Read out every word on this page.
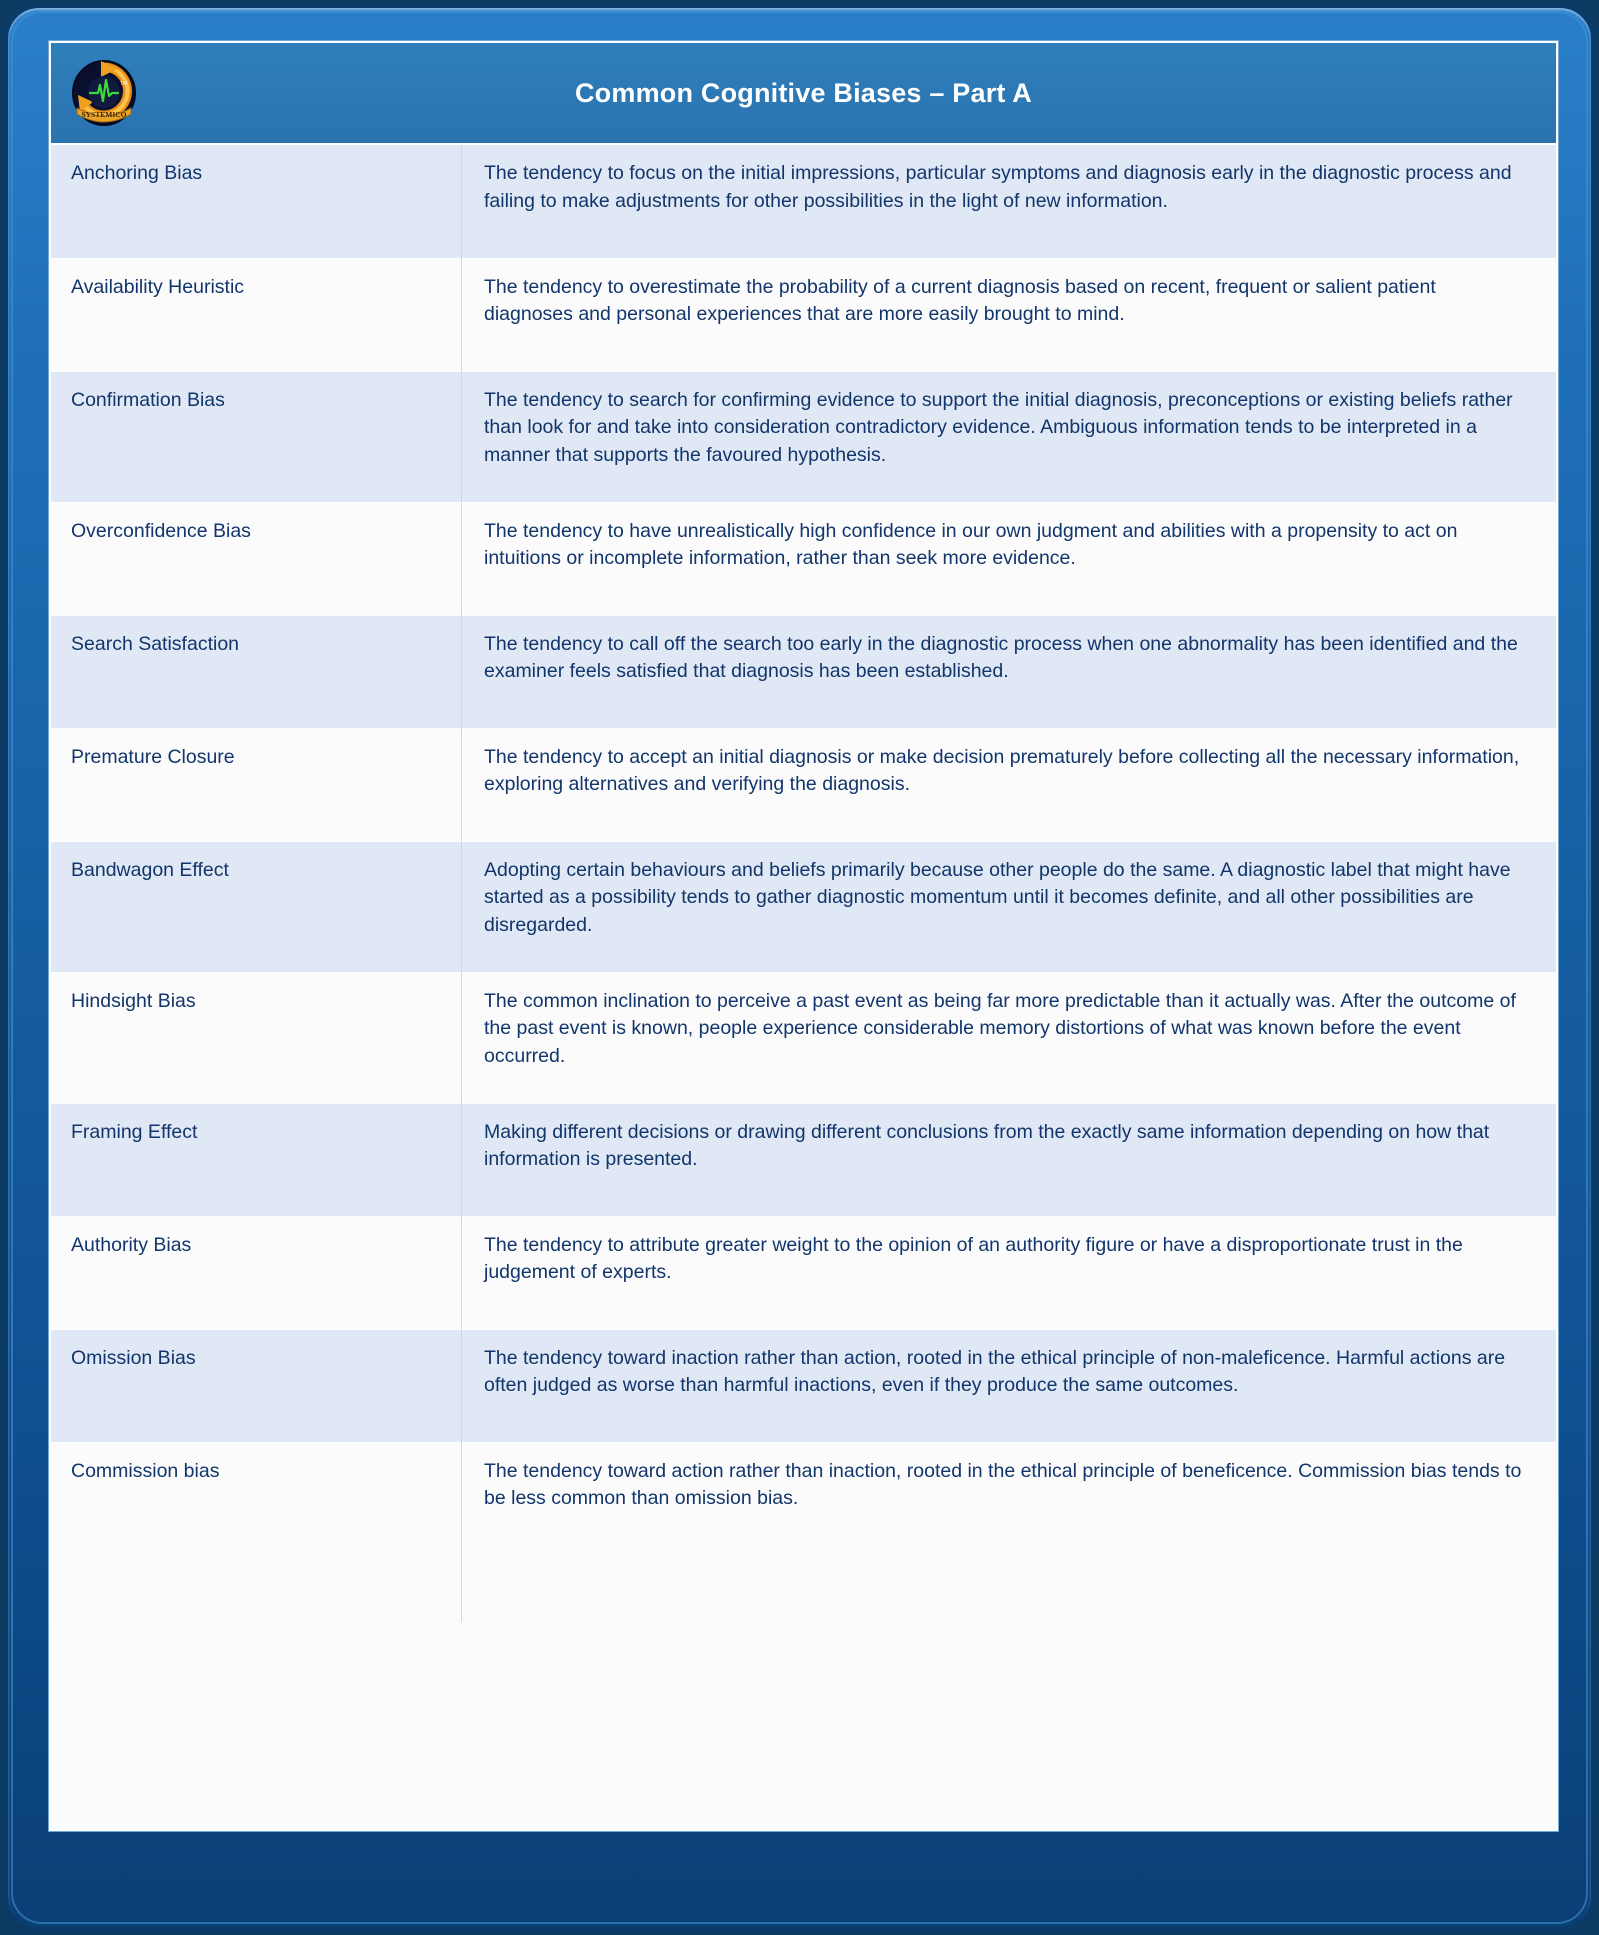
TM
SYSTEMICO
Common Cognitive Biases – Part A
Anchoring Bias	The tendency to focus on the initial impressions, particular symptoms and diagnosis early in the diagnostic process and failing to make adjustments for other possibilities in the light of new information.
Availability Heuristic	The tendency to overestimate the probability of a current diagnosis based on recent, frequent or salient patient diagnoses and personal experiences that are more easily brought to mind.
Confirmation Bias	The tendency to search for confirming evidence to support the initial diagnosis, preconceptions or existing beliefs rather than look for and take into consideration contradictory evidence. Ambiguous information tends to be interpreted in a manner that supports the favoured hypothesis.
Overconfidence Bias	The tendency to have unrealistically high confidence in our own judgment and abilities with a propensity to act on intuitions or incomplete information, rather than seek more evidence.
Search Satisfaction	The tendency to call off the search too early in the diagnostic process when one abnormality has been identified and the examiner feels satisfied that diagnosis has been established.
Premature Closure	The tendency to accept an initial diagnosis or make decision prematurely before collecting all the necessary information, exploring alternatives and verifying the diagnosis.
Bandwagon Effect	Adopting certain behaviours and beliefs primarily because other people do the same. A diagnostic label that might have started as a possibility tends to gather diagnostic momentum until it becomes definite, and all other possibilities are disregarded.
Hindsight Bias	The common inclination to perceive a past event as being far more predictable than it actually was. After the outcome of the past event is known, people experience considerable memory distortions of what was known before the event occurred.
Framing Effect	Making different decisions or drawing different conclusions from the exactly same information depending on how that information is presented.
Authority Bias	The tendency to attribute greater weight to the opinion of an authority figure or have a disproportionate trust in the judgement of experts.
Omission Bias	The tendency toward inaction rather than action, rooted in the ethical principle of non-maleficence. Harmful actions are often judged as worse than harmful inactions, even if they produce the same outcomes.
Commission bias	The tendency toward action rather than inaction, rooted in the ethical principle of beneficence. Commission bias tends to be less common than omission bias.
